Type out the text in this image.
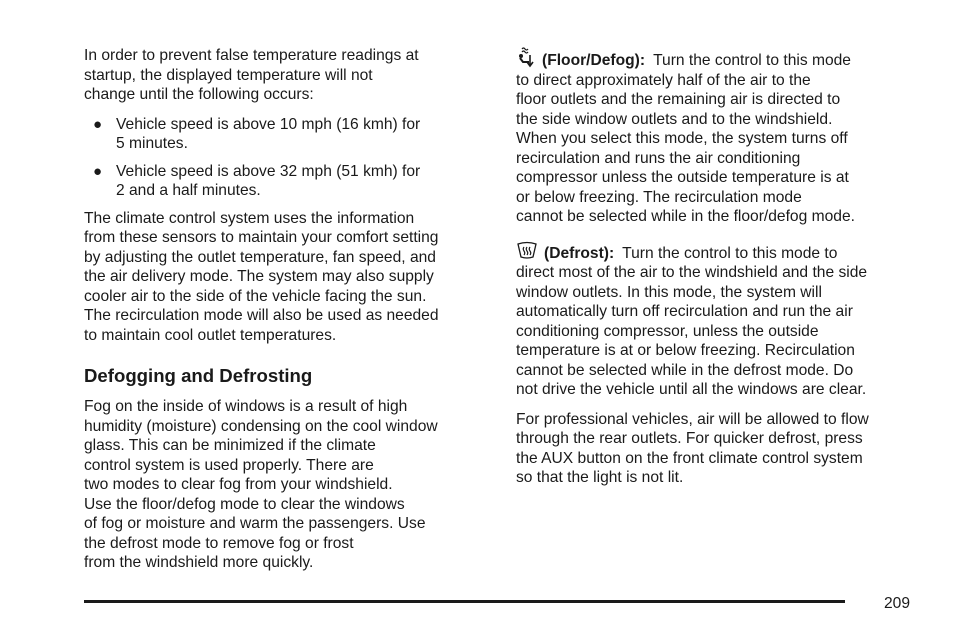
In order to prevent false temperature readings at
startup, the displayed temperature will not
change until the following occurs:

● Vehicle speed is above 10 mph (16 kmh) for
5 minutes.
● Vehicle speed is above 32 mph (51 kmh) for
2 and a half minutes.

The climate control system uses the information
from these sensors to maintain your comfort setting
by adjusting the outlet temperature, fan speed, and
the air delivery mode. The system may also supply
cooler air to the side of the vehicle facing the sun.
The recirculation mode will also be used as needed
to maintain cool outlet temperatures.

Defogging and Defrosting

Fog on the inside of windows is a result of high
humidity (moisture) condensing on the cool window
glass. This can be minimized if the climate
control system is used properly. There are
two modes to clear fog from your windshield.
Use the floor/defog mode to clear the windows
of fog or moisture and warm the passengers. Use
the defrost mode to remove fog or frost
from the windshield more quickly.

(Floor/Defog): Turn the control to this mode
to direct approximately half of the air to the
floor outlets and the remaining air is directed to
the side window outlets and to the windshield.
When you select this mode, the system turns off
recirculation and runs the air conditioning
compressor unless the outside temperature is at
or below freezing. The recirculation mode
cannot be selected while in the floor/defog mode.

(Defrost): Turn the control to this mode to
direct most of the air to the windshield and the side
window outlets. In this mode, the system will
automatically turn off recirculation and run the air
conditioning compressor, unless the outside
temperature is at or below freezing. Recirculation
cannot be selected while in the defrost mode. Do
not drive the vehicle until all the windows are clear.

For professional vehicles, air will be allowed to flow
through the rear outlets. For quicker defrost, press
the AUX button on the front climate control system
so that the light is not lit.

209
